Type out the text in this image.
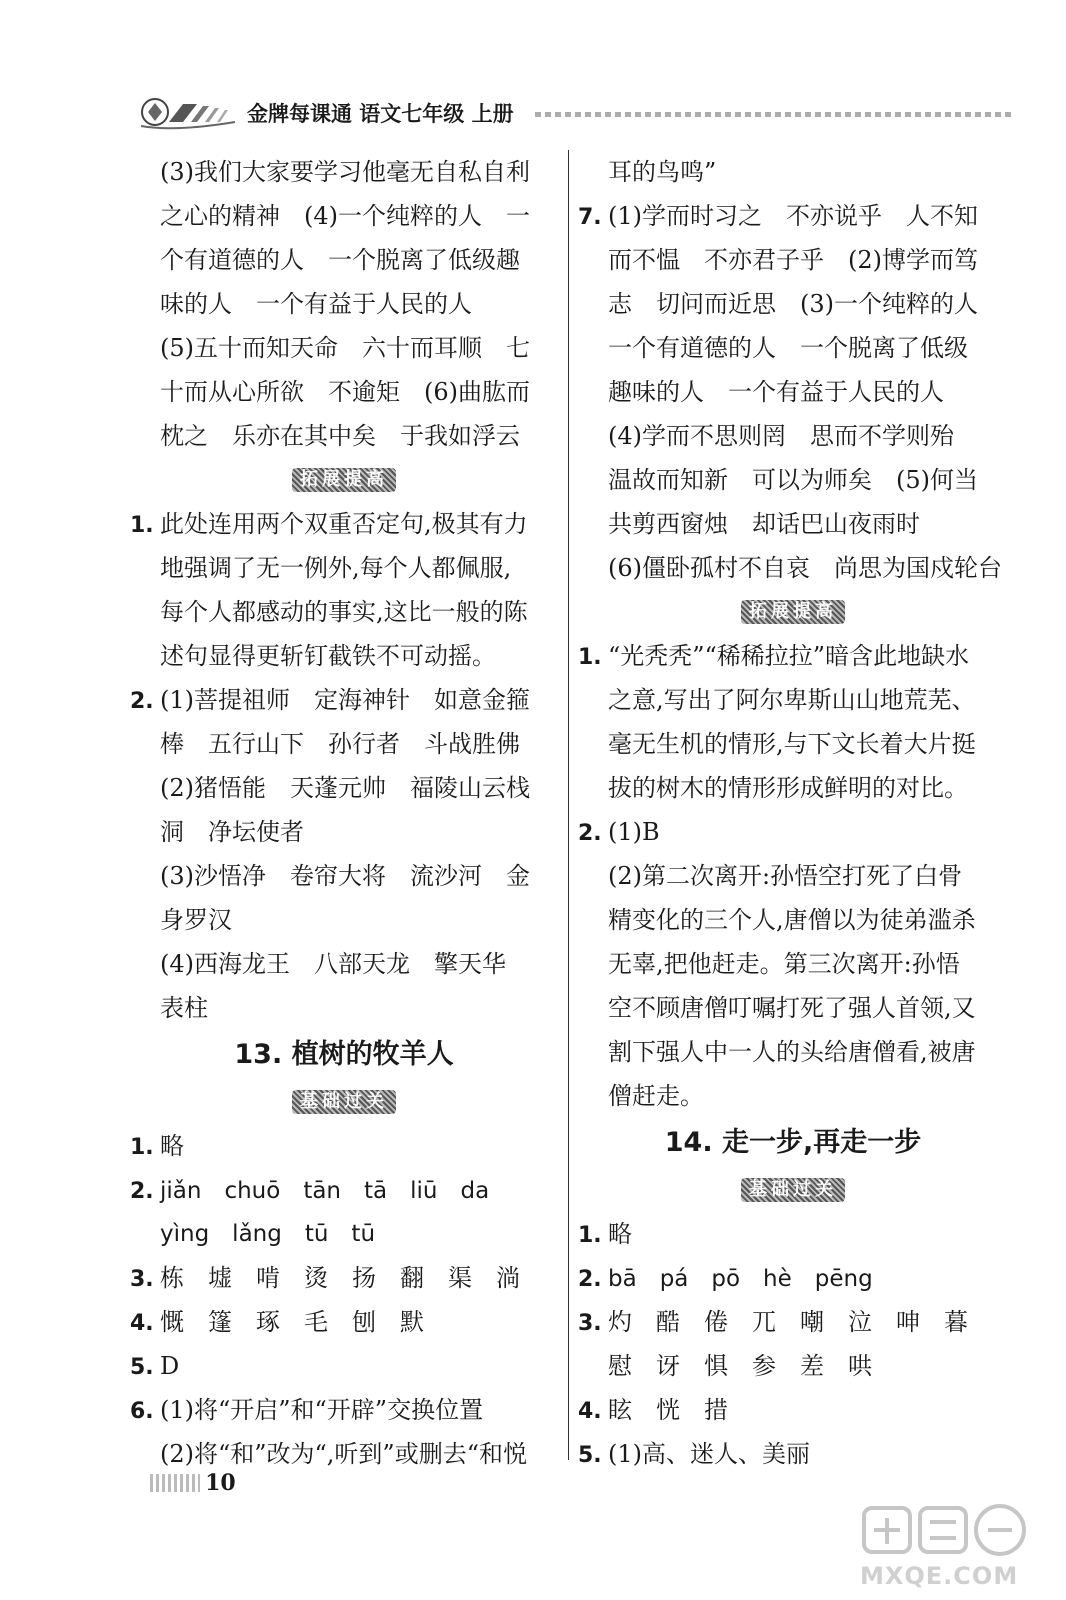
金牌每课通 语文七年级 上册
(3)我们大家要学习他毫无自私自利
之心的精神　(4)一个纯粹的人　一
个有道德的人　一个脱离了低级趣
味的人　一个有益于人民的人
(5)五十而知天命　六十而耳顺　七
十而从心所欲　不逾矩　(6)曲肱而
枕之　乐亦在其中矣　于我如浮云
拓展提高
1. 此处连用两个双重否定句,极其有力
地强调了无一例外,每个人都佩服,
每个人都感动的事实,这比一般的陈
述句显得更斩钉截铁不可动摇。
2. (1)菩提祖师　定海神针　如意金箍
棒　五行山下　孙行者　斗战胜佛
(2)猪悟能　天蓬元帅　福陵山云栈
洞　净坛使者
(3)沙悟净　卷帘大将　流沙河　金
身罗汉
(4)西海龙王　八部天龙　擎天华
表柱
13. 植树的牧羊人
基础过关
1. 略
2. jiǎn　chuō　tān　tā　liū　da
yìng　lǎng　tū　tū
3. 栋　墟　啃　烫　扬　翻　渠　淌
4. 慨　篷　琢　毛　刨　默
5. D
6. (1)将“开启”和“开辟”交换位置
(2)将“和”改为“,听到”或删去“和悦
耳的鸟鸣”
7. (1)学而时习之　不亦说乎　人不知
而不愠　不亦君子乎　(2)博学而笃
志　切问而近思　(3)一个纯粹的人
一个有道德的人　一个脱离了低级
趣味的人　一个有益于人民的人
(4)学而不思则罔　思而不学则殆
温故而知新　可以为师矣　(5)何当
共剪西窗烛　却话巴山夜雨时
(6)僵卧孤村不自哀　尚思为国戍轮台
拓展提高
1. “光秃秃”“稀稀拉拉”暗含此地缺水
之意,写出了阿尔卑斯山山地荒芜、
毫无生机的情形,与下文长着大片挺
拔的树木的情形形成鲜明的对比。
2. (1)B
(2)第二次离开:孙悟空打死了白骨
精变化的三个人,唐僧以为徒弟滥杀
无辜,把他赶走。第三次离开:孙悟
空不顾唐僧叮嘱打死了强人首领,又
割下强人中一人的头给唐僧看,被唐
僧赶走。
14. 走一步,再走一步
基础过关
1. 略
2. bā　pá　pō　hè　pēng
3. 灼　酷　倦　兀　嘲　泣　呻　暮
慰　讶　惧　参　差　哄
4. 眩　恍　措
5. (1)高、迷人、美丽
10
MXQE.COM
